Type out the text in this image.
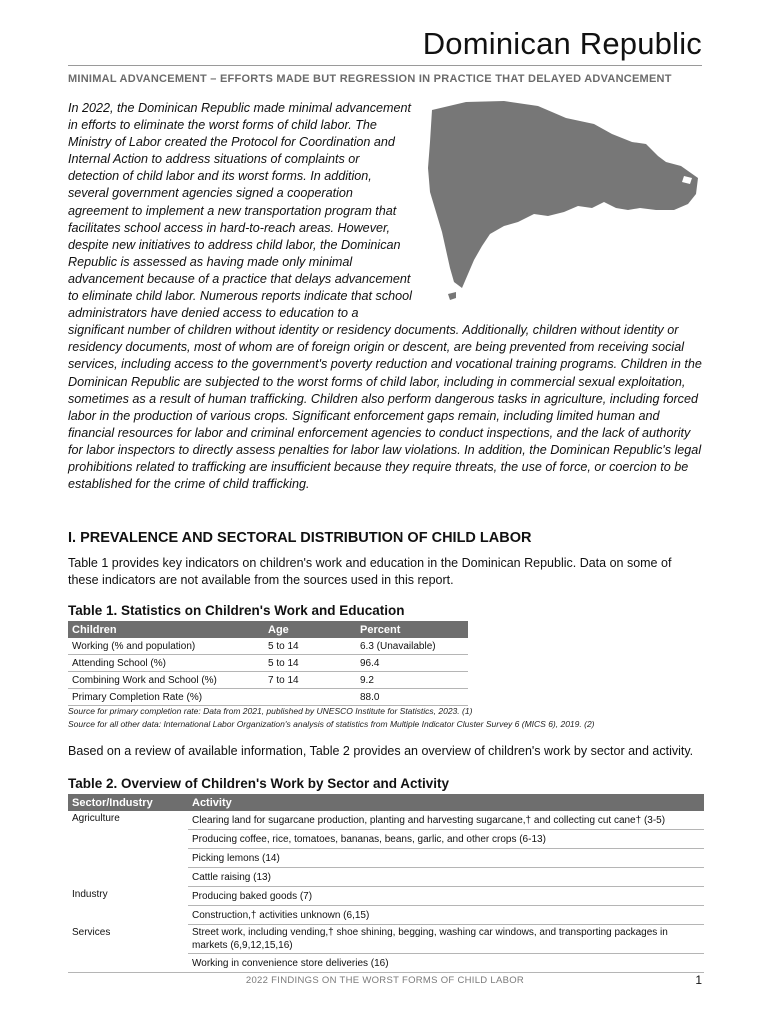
Dominican Republic
MINIMAL ADVANCEMENT – EFFORTS MADE BUT REGRESSION IN PRACTICE THAT DELAYED ADVANCEMENT

In 2022, the Dominican Republic made minimal advancement in efforts to eliminate the worst forms of child labor. The Ministry of Labor created the Protocol for Coordination and Internal Action to address situations of complaints or detection of child labor and its worst forms. In addition, several government agencies signed a cooperation agreement to implement a new transportation program that facilitates school access in hard-to-reach areas. However, despite new initiatives to address child labor, the Dominican Republic is assessed as having made only minimal advancement because of a practice that delays advancement to eliminate child labor. Numerous reports indicate that school administrators have denied access to education to a significant number of children without identity or residency documents. Additionally, children without identity or residency documents, most of whom are of foreign origin or descent, are being prevented from receiving social services, including access to the government's poverty reduction and vocational training programs. Children in the Dominican Republic are subjected to the worst forms of child labor, including in commercial sexual exploitation, sometimes as a result of human trafficking. Children also perform dangerous tasks in agriculture, including forced labor in the production of various crops. Significant enforcement gaps remain, including limited human and financial resources for labor and criminal enforcement agencies to conduct inspections, and the lack of authority for labor inspectors to directly assess penalties for labor law violations. In addition, the Dominican Republic's legal prohibitions related to trafficking are insufficient because they require threats, the use of force, or coercion to be established for the crime of child trafficking.

I. PREVALENCE AND SECTORAL DISTRIBUTION OF CHILD LABOR

Table 1 provides key indicators on children's work and education in the Dominican Republic. Data on some of these indicators are not available from the sources used in this report.

Table 1. Statistics on Children's Work and Education
Children	Age	Percent
Working (% and population)	5 to 14	6.3 (Unavailable)
Attending School (%)	5 to 14	96.4
Combining Work and School (%)	7 to 14	9.2
Primary Completion Rate (%)		88.0
Source for primary completion rate: Data from 2021, published by UNESCO Institute for Statistics, 2023. (1)
Source for all other data: International Labor Organization's analysis of statistics from Multiple Indicator Cluster Survey 6 (MICS 6), 2019. (2)

Based on a review of available information, Table 2 provides an overview of children's work by sector and activity.

Table 2. Overview of Children's Work by Sector and Activity
Sector/Industry	Activity
Agriculture	Clearing land for sugarcane production, planting and harvesting sugarcane,† and collecting cut cane† (3-5)
	Producing coffee, rice, tomatoes, bananas, beans, garlic, and other crops (6-13)
	Picking lemons (14)
	Cattle raising (13)
Industry	Producing baked goods (7)
	Construction,† activities unknown (6,15)
Services	Street work, including vending,† shoe shining, begging, washing car windows, and transporting packages in markets (6,9,12,15,16)
	Working in convenience store deliveries (16)
2022 FINDINGS ON THE WORST FORMS OF CHILD LABOR	1
